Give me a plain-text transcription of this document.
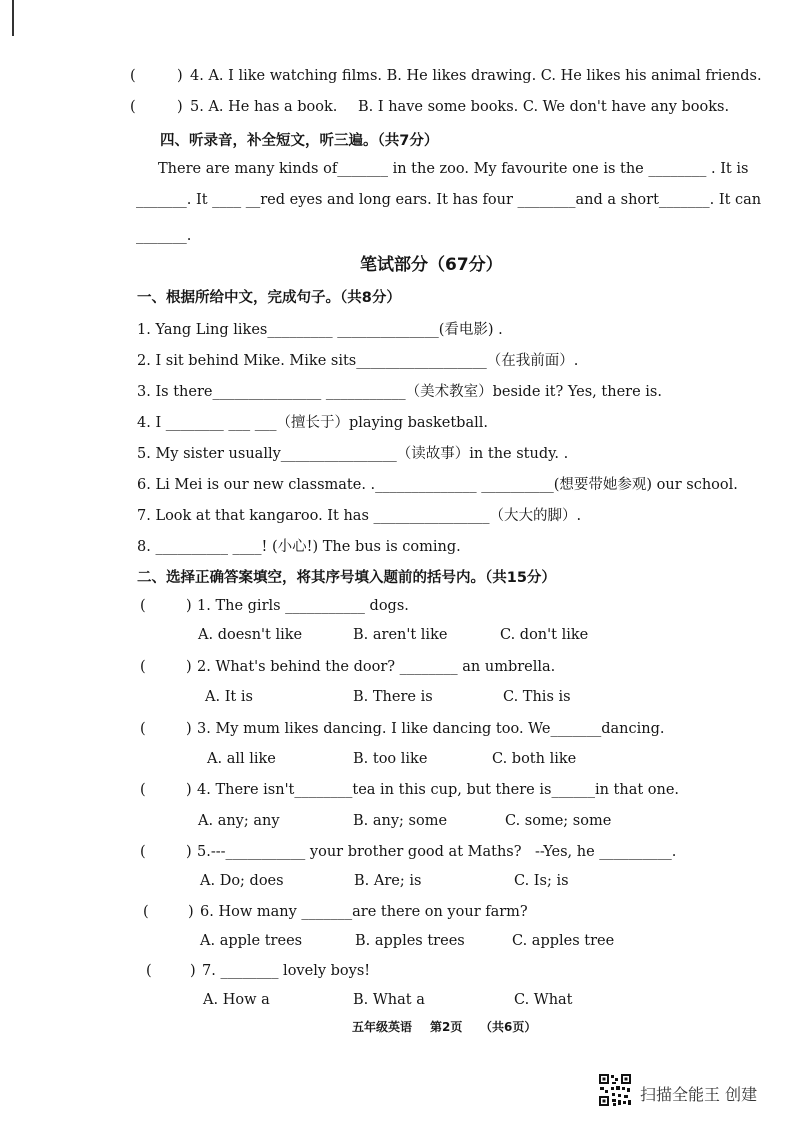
(	) 4. A. I like watching films. B. He likes drawing. C. He likes his animal friends.
(	) 5. A. He has a book. B. I have some books. C. We don't have any books.
四、听录音，补全短文，听三遍。（共7分）
There are many kinds of_______ in the zoo. My favourite one is the ________ . It is
_______. It ____ __red eyes and long ears. It has four ________and a short_______. It can
_______.
笔试部分（67分）
一、根据所给中文，完成句子。（共8分）
1. Yang Ling likes_________ ______________(看电影) .
2. I sit behind Mike. Mike sits__________________（在我前面）.
3. Is there_______________ ___________（美术教室）beside it? Yes, there is.
4. I ________ ___ ___（擅长于）playing basketball.
5. My sister usually________________（读故事）in the study. .
6. Li Mei is our new classmate. .______________ __________(想要带她参观) our school.
7. Look at that kangaroo. It has ________________（大大的脚）.
8. __________ ____! (小心!) The bus is coming.
二、选择正确答案填空，将其序号填入题前的括号内。（共15分）
(	) 1. The girls ___________ dogs.
A. doesn't like	B. aren't like	C. don't like
(	) 2. What's behind the door? ________ an umbrella.
A. It is	B. There is	C. This is
(	) 3. My mum likes dancing. I like dancing too. We_______dancing.
A. all like	B. too like	C. both like
(	) 4. There isn't________tea in this cup, but there is______in that one.
A. any; any	B. any; some	C. some; some
(	) 5.---___________ your brother good at Maths? --Yes, he __________.
A. Do; does	B. Are; is	C. Is; is
(	) 6. How many _______are there on your farm?
A. apple trees	B. apples trees	C. apples tree
(	) 7. ________ lovely boys!
A. How a	B. What a	C. What
五年级英语 第2页 （共6页）
扫描全能王 创建
